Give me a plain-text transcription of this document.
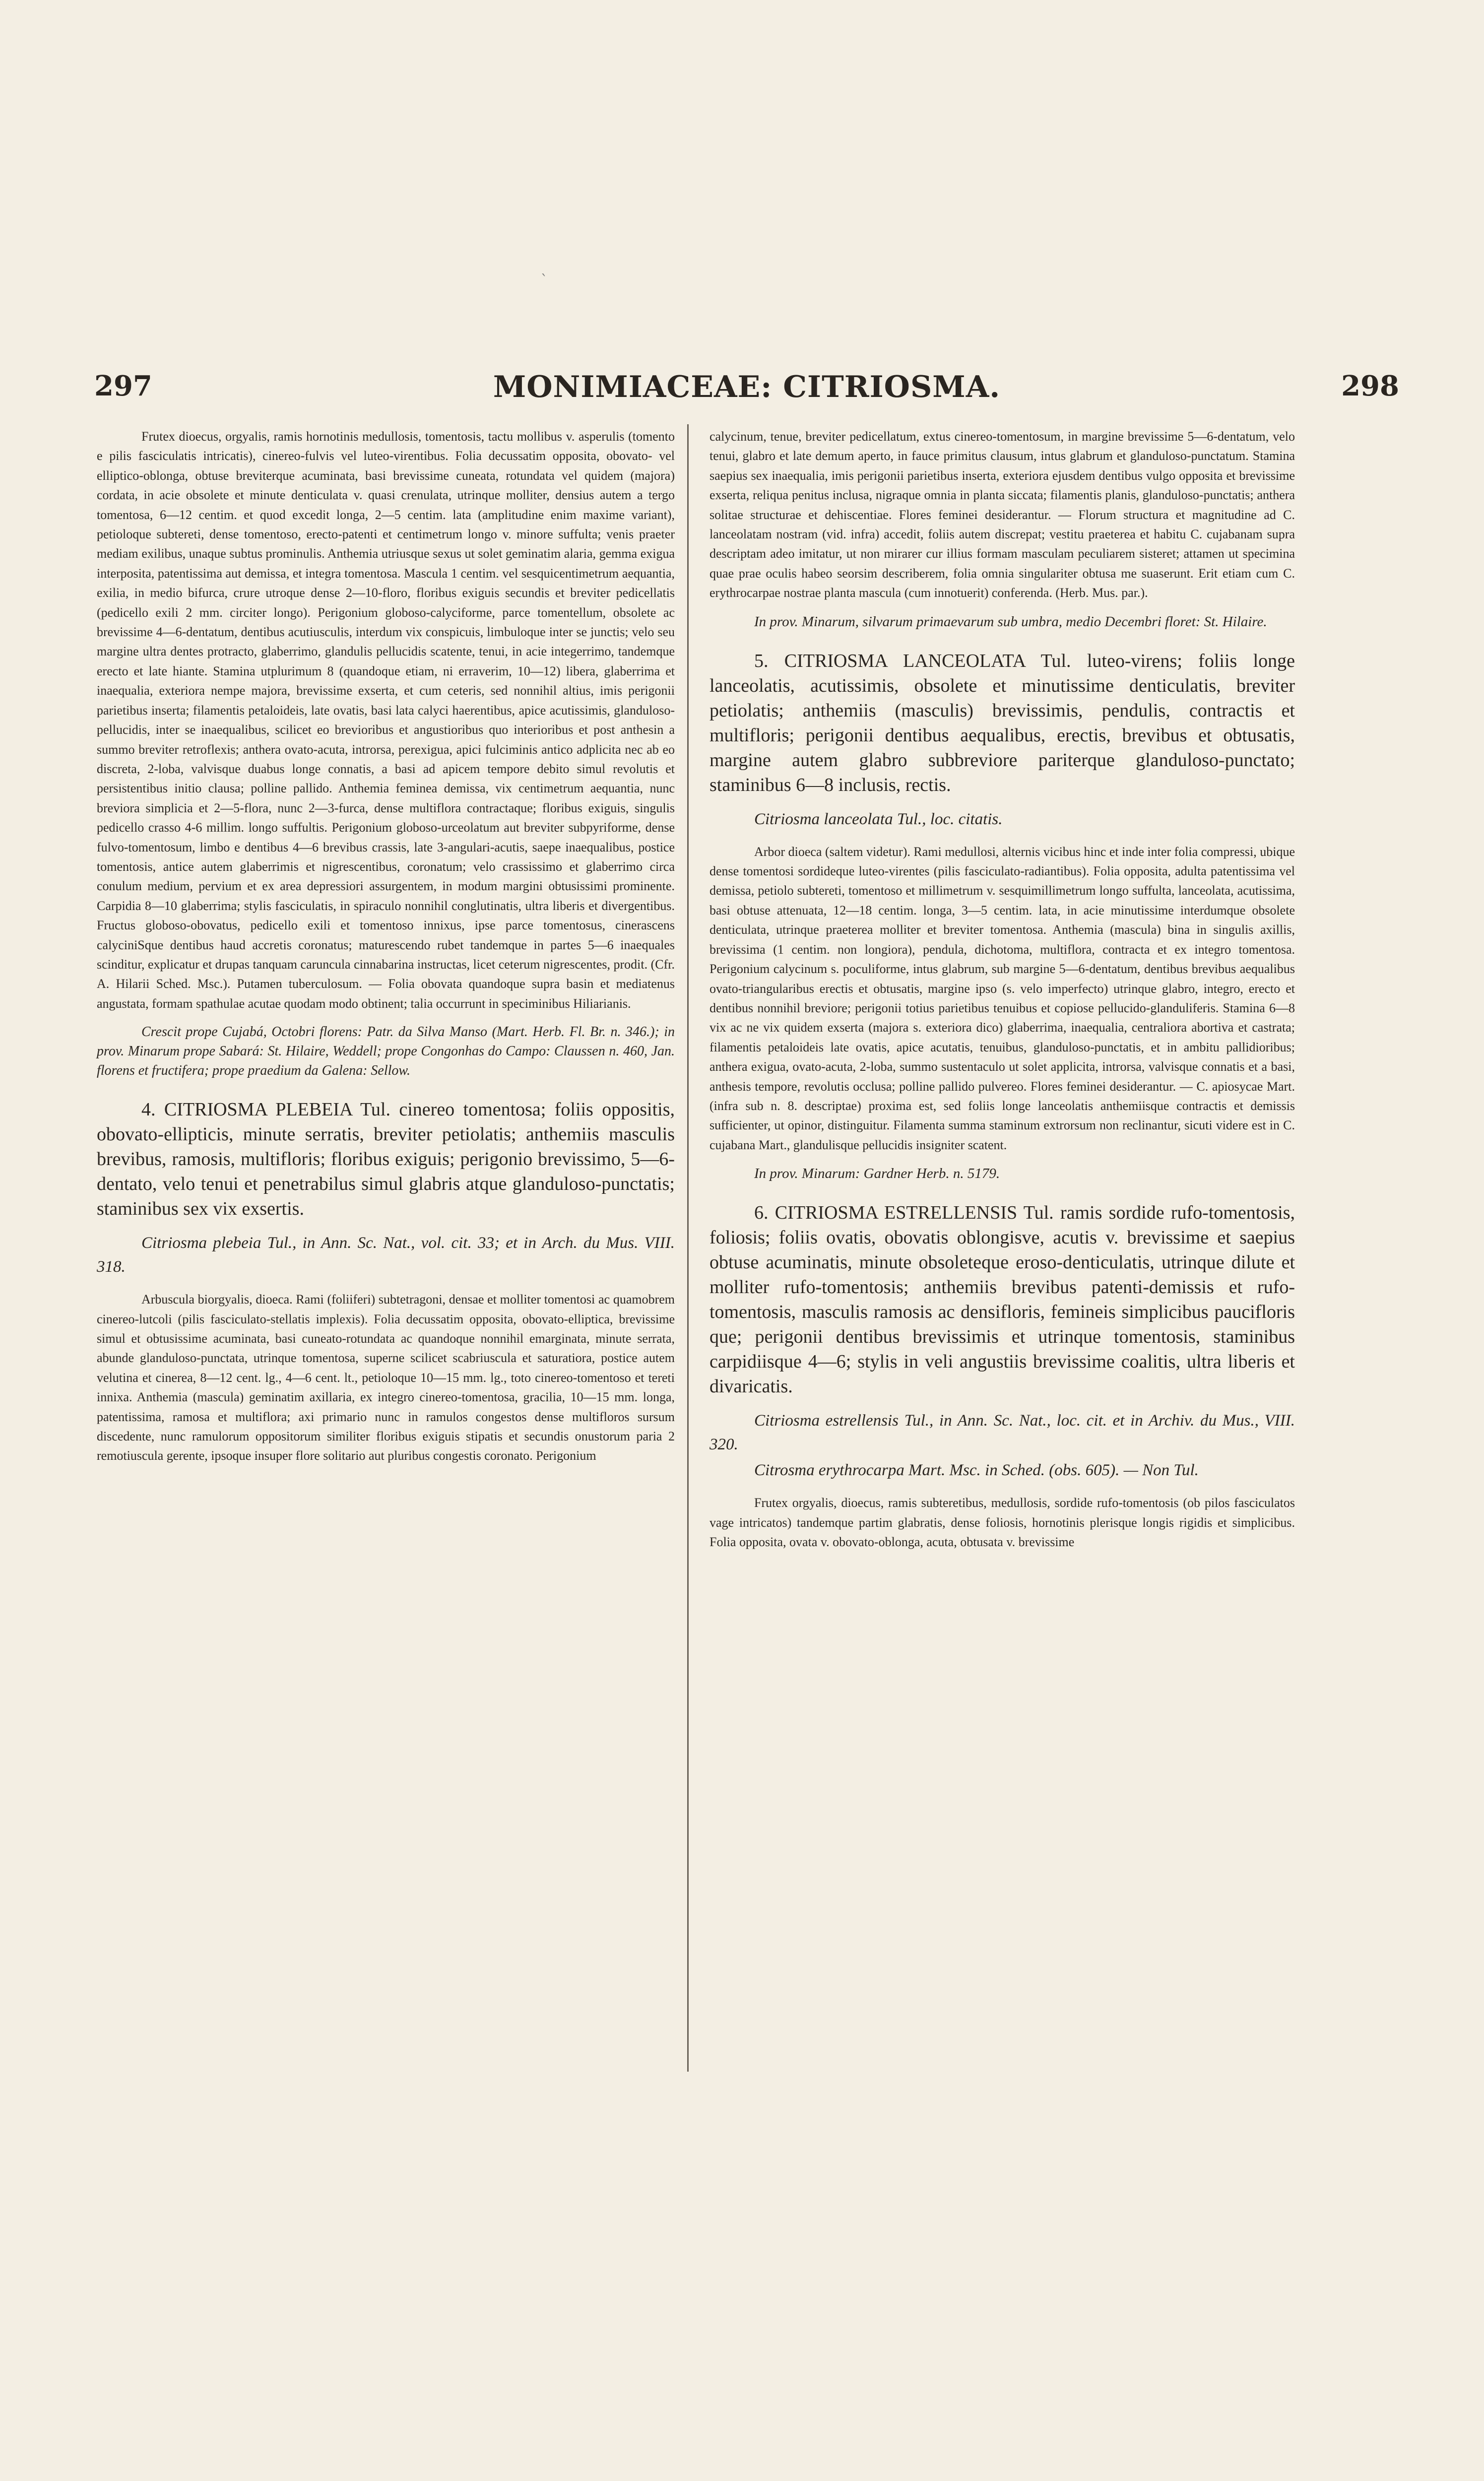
`
297	MONIMIACEAE: CITRIOSMA.	298

Frutex dioecus, orgyalis, ramis hornotinis medullosis, tomentosis, tactu mollibus v. asperulis (tomento e pilis fasciculatis intricatis), cinereo-fulvis vel luteo-virentibus. Folia decussatim opposita, obovato- vel elliptico-oblonga, obtuse breviterque acuminata, basi brevissime cuneata, rotundata vel quidem (majora) cordata, in acie obsolete et minute denticulata v. quasi crenulata, utrinque molliter, densius autem a tergo tomentosa, 6—12 centim. et quod excedit longa, 2—5 centim. lata (amplitudine enim maxime variant), petioloque subtereti, dense tomentoso, erecto-patenti et centimetrum longo v. minore suffulta; venis praeter mediam exilibus, unaque subtus prominulis. Anthemia utriusque sexus ut solet geminatim alaria, gemma exigua interposita, patentissima aut demissa, et integra tomentosa. Mascula 1 centim. vel sesquicentimetrum aequantia, exilia, in medio bifurca, crure utroque dense 2—10-floro, floribus exiguis secundis et breviter pedicellatis (pedicello exili 2 mm. circiter longo). Perigonium globoso-calyciforme, parce tomentellum, obsolete ac brevissime 4—6-dentatum, dentibus acutiusculis, interdum vix conspicuis, limbuloque inter se junctis; velo seu margine ultra dentes protracto, glaberrimo, glandulis pellucidis scatente, tenui, in acie integerrimo, tandemque erecto et late hiante. Stamina utplurimum 8 (quandoque etiam, ni erraverim, 10—12) libera, glaberrima et inaequalia, exteriora nempe majora, brevissime exserta, et cum ceteris, sed nonnihil altius, imis perigonii parietibus inserta; filamentis petaloideis, late ovatis, basi lata calyci haerentibus, apice acutissimis, glanduloso-pellucidis, inter se inaequalibus, scilicet eo brevioribus et angustioribus quo interioribus et post anthesin a summo breviter retroflexis; anthera ovato-acuta, introrsa, perexigua, apici fulciminis antico adplicita nec ab eo discreta, 2-loba, valvisque duabus longe connatis, a basi ad apicem tempore debito simul revolutis et persistentibus initio clausa; polline pallido. Anthemia feminea demissa, vix centimetrum aequantia, nunc breviora simplicia et 2—5-flora, nunc 2—3-furca, dense multiflora contractaque; floribus exiguis, singulis pedicello crasso 4-6 millim. longo suffultis. Perigonium globoso-urceolatum aut breviter subpyriforme, dense fulvo-tomentosum, limbo e dentibus 4—6 brevibus crassis, late 3-angulari-acutis, saepe inaequalibus, postice tomentosis, antice autem glaberrimis et nigrescentibus, coronatum; velo crassissimo et glaberrimo circa conulum medium, pervium et ex area depressiori assurgentem, in modum margini obtusissimi prominente. Carpidia 8—10 glaberrima; stylis fasciculatis, in spiraculo nonnihil conglutinatis, ultra liberis et divergentibus. Fructus globoso-obovatus, pedicello exili et tomentoso innixus, ipse parce tomentosus, cinerascens calyciniSque dentibus haud accretis coronatus; maturescendo rubet tandemque in partes 5—6 inaequales scinditur, explicatur et drupas tanquam caruncula cinnabarina instructas, licet ceterum nigrescentes, prodit. (Cfr. A. Hilarii Sched. Msc.). Putamen tuberculosum. — Folia obovata quandoque supra basin et mediatenus angustata, formam spathulae acutae quodam modo obtinent; talia occurrunt in speciminibus Hiliarianis.

Crescit prope Cujabá, Octobri florens: Patr. da Silva Manso (Mart. Herb. Fl. Br. n. 346.); in prov. Minarum prope Sabará: St. Hilaire, Weddell; prope Congonhas do Campo: Claussen n. 460, Jan. florens et fructifera; prope praedium da Galena: Sellow.

4. CITRIOSMA PLEBEIA Tul. cinereo tomentosa; foliis oppositis, obovato-ellipticis, minute serratis, breviter petiolatis; anthemiis masculis brevibus, ramosis, multifloris; floribus exiguis; perigonio brevissimo, 5—6-dentato, velo tenui et penetrabilus simul glabris atque glanduloso-punctatis; staminibus sex vix exsertis.

Citriosma plebeia Tul., in Ann. Sc. Nat., vol. cit. 33; et in Arch. du Mus. VIII. 318.

Arbuscula biorgyalis, dioeca. Rami (foliiferi) subtetragoni, densae et molliter tomentosi ac quamobrem cinereo-lutcoli (pilis fasciculato-stellatis implexis). Folia decussatim opposita, obovato-elliptica, brevissime simul et obtusissime acuminata, basi cuneato-rotundata ac quandoque nonnihil emarginata, minute serrata, abunde glanduloso-punctata, utrinque tomentosa, superne scilicet scabriuscula et saturatiora, postice autem velutina et cinerea, 8—12 cent. lg., 4—6 cent. lt., petioloque 10—15 mm. lg., toto cinereo-tomentoso et tereti innixa. Anthemia (mascula) geminatim axillaria, ex integro cinereo-tomentosa, gracilia, 10—15 mm. longa, patentissima, ramosa et multiflora; axi primario nunc in ramulos congestos dense multifloros sursum discedente, nunc ramulorum oppositorum similiter floribus exiguis stipatis et secundis onustorum paria 2 remotiuscula gerente, ipsoque insuper flore solitario aut pluribus congestis coronato. Perigonium

calycinum, tenue, breviter pedicellatum, extus cinereo-tomentosum, in margine brevissime 5—6-dentatum, velo tenui, glabro et late demum aperto, in fauce primitus clausum, intus glabrum et glanduloso-punctatum. Stamina saepius sex inaequalia, imis perigonii parietibus inserta, exteriora ejusdem dentibus vulgo opposita et brevissime exserta, reliqua penitus inclusa, nigraque omnia in planta siccata; filamentis planis, glanduloso-punctatis; anthera solitae structurae et dehiscentiae. Flores feminei desiderantur. — Florum structura et magnitudine ad C. lanceolatam nostram (vid. infra) accedit, foliis autem discrepat; vestitu praeterea et habitu C. cujabanam supra descriptam adeo imitatur, ut non mirarer cur illius formam masculam peculiarem sisteret; attamen ut specimina quae prae oculis habeo seorsim describerem, folia omnia singulariter obtusa me suaserunt. Erit etiam cum C. erythrocarpae nostrae planta mascula (cum innotuerit) conferenda. (Herb. Mus. par.).

In prov. Minarum, silvarum primaevarum sub umbra, medio Decembri floret: St. Hilaire.

5. CITRIOSMA LANCEOLATA Tul. luteo-virens; foliis longe lanceolatis, acutissimis, obsolete et minutissime denticulatis, breviter petiolatis; anthemiis (masculis) brevissimis, pendulis, contractis et multifloris; perigonii dentibus aequalibus, erectis, brevibus et obtusatis, margine autem glabro subbreviore pariterque glanduloso-punctato; staminibus 6—8 inclusis, rectis.

Citriosma lanceolata Tul., loc. citatis.

Arbor dioeca (saltem videtur). Rami medullosi, alternis vicibus hinc et inde inter folia compressi, ubique dense tomentosi sordideque luteo-virentes (pilis fasciculato-radiantibus). Folia opposita, adulta patentissima vel demissa, petiolo subtereti, tomentoso et millimetrum v. sesquimillimetrum longo suffulta, lanceolata, acutissima, basi obtuse attenuata, 12—18 centim. longa, 3—5 centim. lata, in acie minutissime interdumque obsolete denticulata, utrinque praeterea molliter et breviter tomentosa. Anthemia (mascula) bina in singulis axillis, brevissima (1 centim. non longiora), pendula, dichotoma, multiflora, contracta et ex integro tomentosa. Perigonium calycinum s. poculiforme, intus glabrum, sub margine 5—6-dentatum, dentibus brevibus aequalibus ovato-triangularibus erectis et obtusatis, margine ipso (s. velo imperfecto) utrinque glabro, integro, erecto et dentibus nonnihil breviore; perigonii totius parietibus tenuibus et copiose pellucido-glanduliferis. Stamina 6—8 vix ac ne vix quidem exserta (majora s. exteriora dico) glaberrima, inaequalia, centraliora abortiva et castrata; filamentis petaloideis late ovatis, apice acutatis, tenuibus, glanduloso-punctatis, et in ambitu pallidioribus; anthera exigua, ovato-acuta, 2-loba, summo sustentaculo ut solet applicita, introrsa, valvisque connatis et a basi, anthesis tempore, revolutis occlusa; polline pallido pulvereo. Flores feminei desiderantur. — C. apiosycae Mart. (infra sub n. 8. descriptae) proxima est, sed foliis longe lanceolatis anthemiisque contractis et demissis sufficienter, ut opinor, distinguitur. Filamenta summa staminum extrorsum non reclinantur, sicuti videre est in C. cujabana Mart., glandulisque pellucidis insigniter scatent.

In prov. Minarum: Gardner Herb. n. 5179.

6. CITRIOSMA ESTRELLENSIS Tul. ramis sordide rufo-tomentosis, foliosis; foliis ovatis, obovatis oblongisve, acutis v. brevissime et saepius obtuse acuminatis, minute obsoleteque eroso-denticulatis, utrinque dilute et molliter rufo-tomentosis; anthemiis brevibus patenti-demissis et rufo-tomentosis, masculis ramosis ac densifloris, femineis simplicibus paucifloris que; perigonii dentibus brevissimis et utrinque tomentosis, staminibus carpidiisque 4—6; stylis in veli angustiis brevissime coalitis, ultra liberis et divaricatis.

Citriosma estrellensis Tul., in Ann. Sc. Nat., loc. cit. et in Archiv. du Mus., VIII. 320.

Citrosma erythrocarpa Mart. Msc. in Sched. (obs. 605). — Non Tul.

Frutex orgyalis, dioecus, ramis subteretibus, medullosis, sordide rufo-tomentosis (ob pilos fasciculatos vage intricatos) tandemque partim glabratis, dense foliosis, hornotinis plerisque longis rigidis et simplicibus. Folia opposita, ovata v. obovato-oblonga, acuta, obtusata v. brevissime
